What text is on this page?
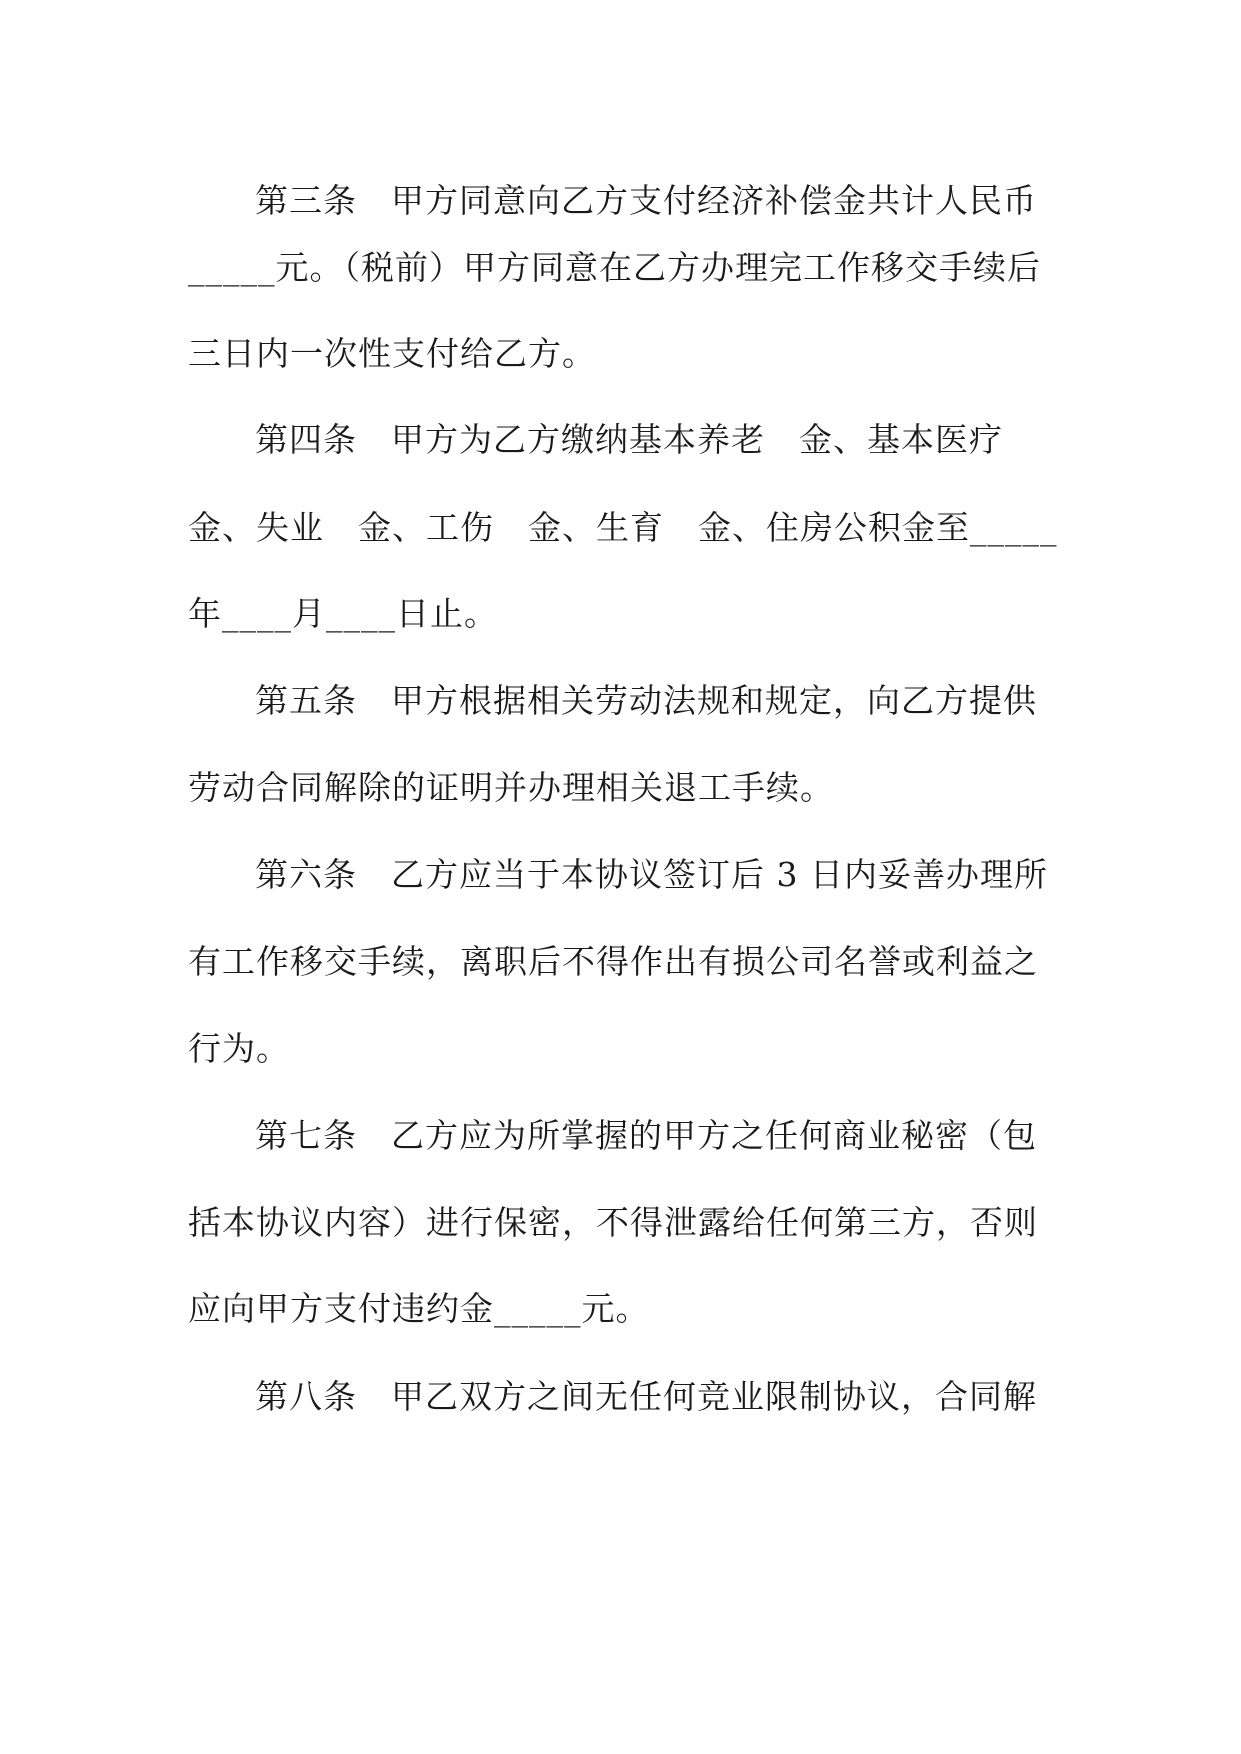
第三条　甲方同意向乙方支付经济补偿金共计人民币
_____元。（税前）甲方同意在乙方办理完工作移交手续后
三日内一次性支付给乙方。
第四条　甲方为乙方缴纳基本养老　金、基本医疗
金、失业　金、工伤　金、生育　金、住房公积金至_____
年____月____日止。
第五条　甲方根据相关劳动法规和规定，向乙方提供
劳动合同解除的证明并办理相关退工手续。
第六条　乙方应当于本协议签订后 3 日内妥善办理所
有工作移交手续，离职后不得作出有损公司名誉或利益之
行为。
第七条　乙方应为所掌握的甲方之任何商业秘密（包
括本协议内容）进行保密，不得泄露给任何第三方，否则
应向甲方支付违约金_____元。
第八条　甲乙双方之间无任何竞业限制协议，合同解
